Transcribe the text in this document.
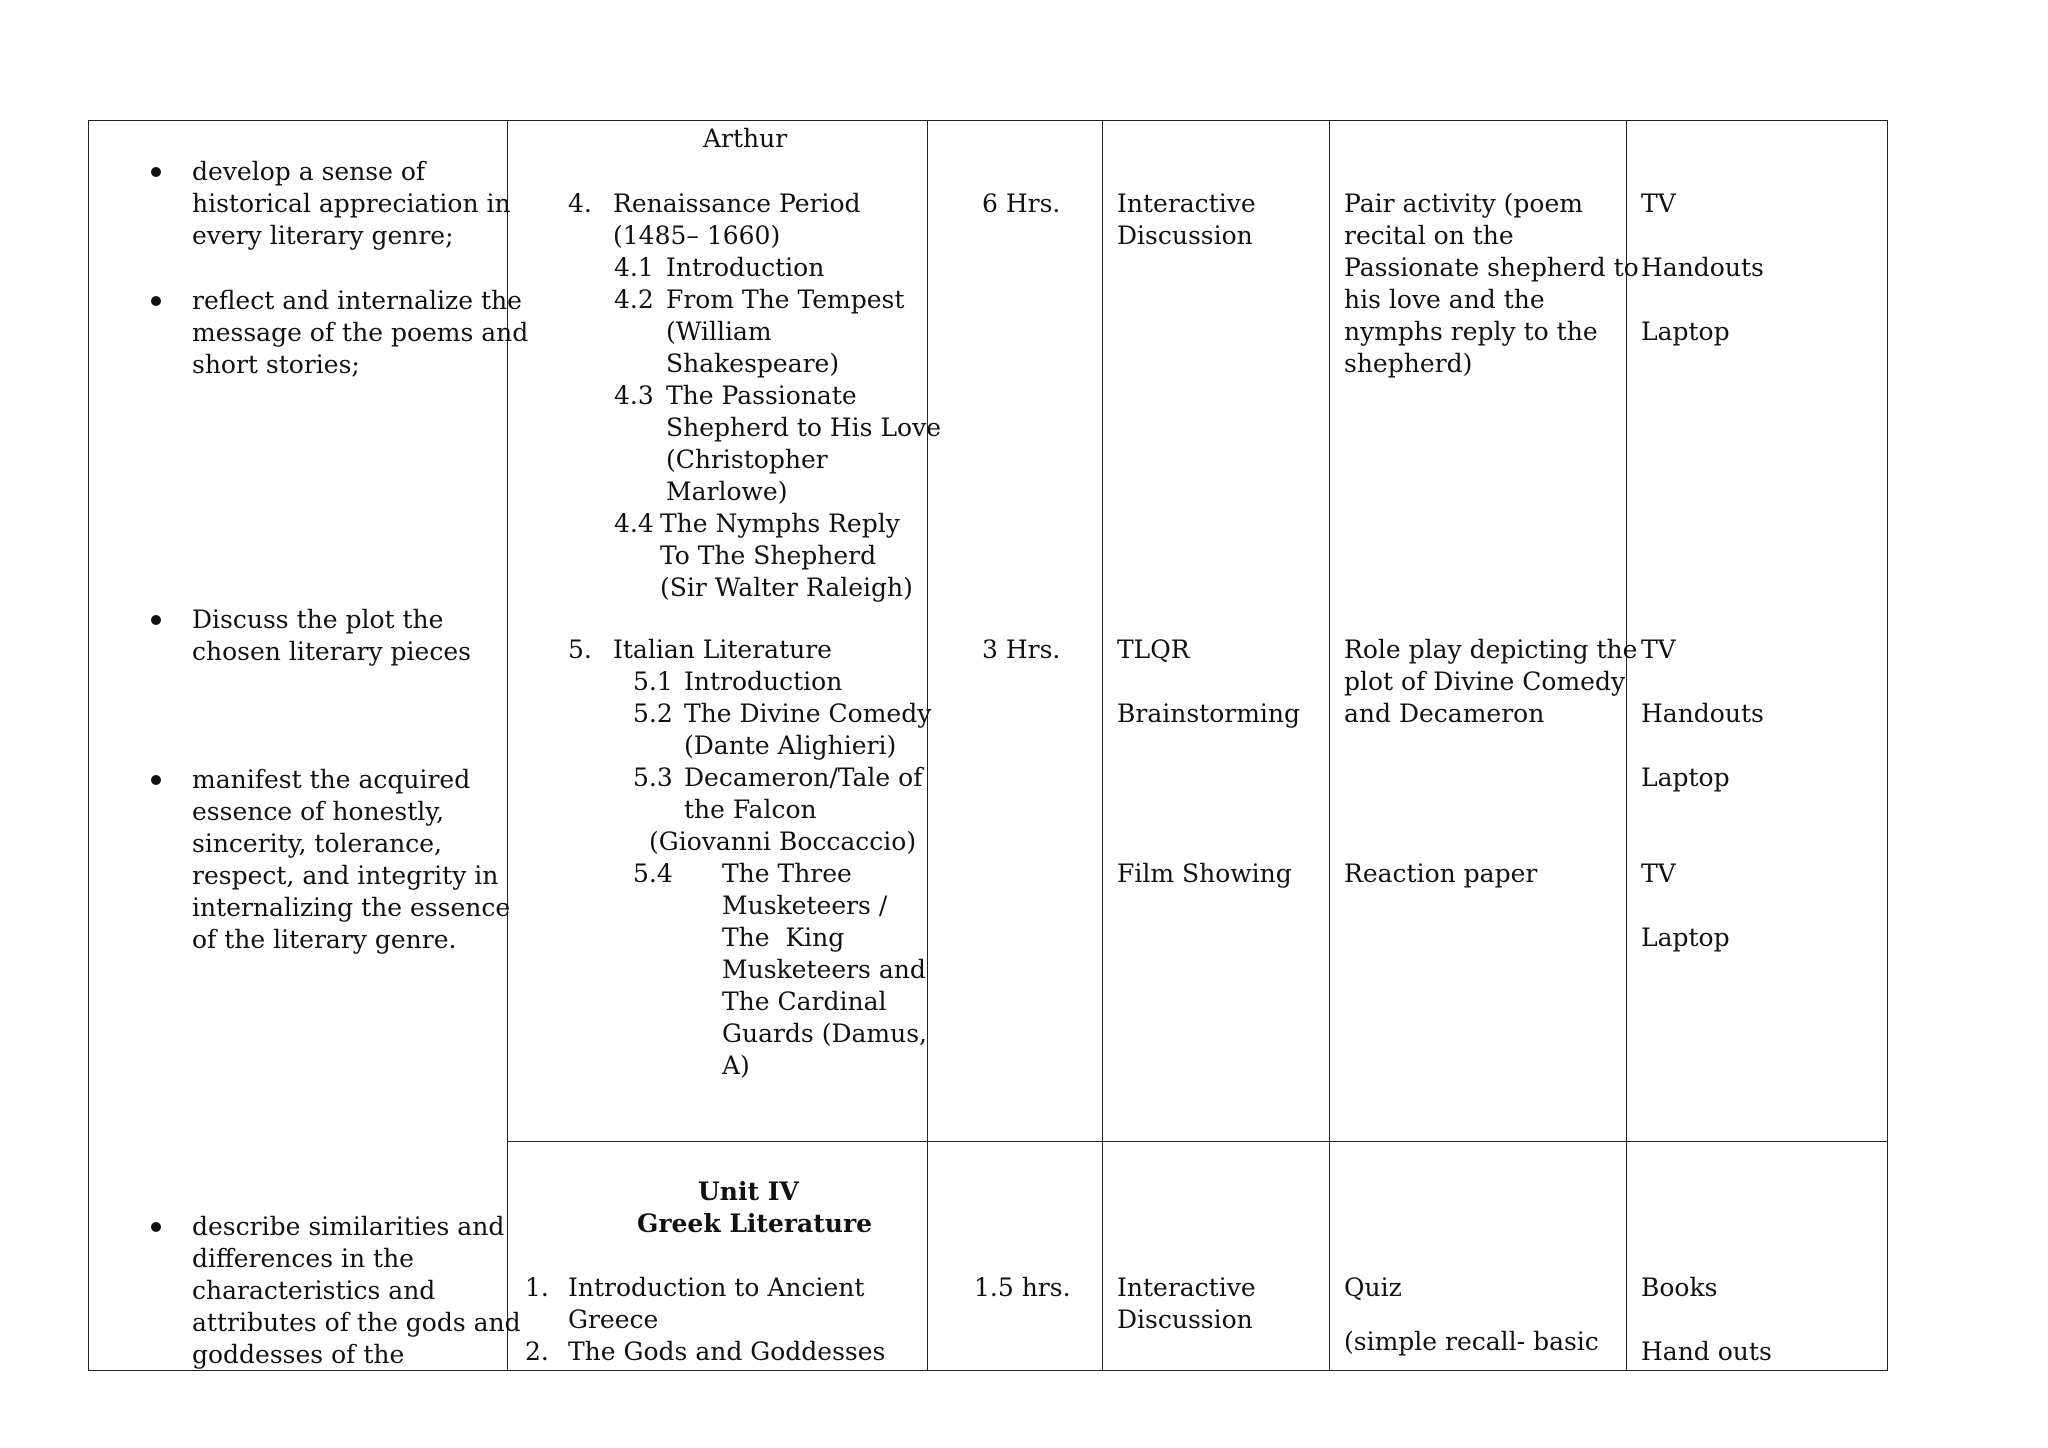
develop a sense of
historical appreciation in
every literary genre;
reflect and internalize the
message of the poems and
short stories;
Discuss the plot the
chosen literary pieces
manifest the acquired
essence of honestly,
sincerity, tolerance,
respect, and integrity in
internalizing the essence
of the literary genre.
describe similarities and
differences in the
characteristics and
attributes of the gods and
goddesses of the
Arthur
4. Renaissance Period
(1485– 1660)
4.1 Introduction
4.2 From The Tempest
(William
Shakespeare)
4.3 The Passionate
Shepherd to His Love
(Christopher
Marlowe)
4.4 The Nymphs Reply
To The Shepherd
(Sir Walter Raleigh)
5. Italian Literature
5.1 Introduction
5.2 The Divine Comedy
(Dante Alighieri)
5.3 Decameron/Tale of
the Falcon
(Giovanni Boccaccio)
5.4 The Three
Musketeers /
The  King
Musketeers and
The Cardinal
Guards (Damus,
A)
Unit IV
Greek Literature
1. Introduction to Ancient
Greece
2. The Gods and Goddesses
6 Hrs.
3 Hrs.
1.5 hrs.
Interactive
Discussion
TLQR
Brainstorming
Film Showing
Interactive
Discussion
Pair activity (poem
recital on the
Passionate shepherd to
his love and the
nymphs reply to the
shepherd)
Role play depicting the
plot of Divine Comedy
and Decameron
Reaction paper
Quiz
(simple recall- basic
TV
Handouts
Laptop
TV
Handouts
Laptop
TV
Laptop
Books
Hand outs
